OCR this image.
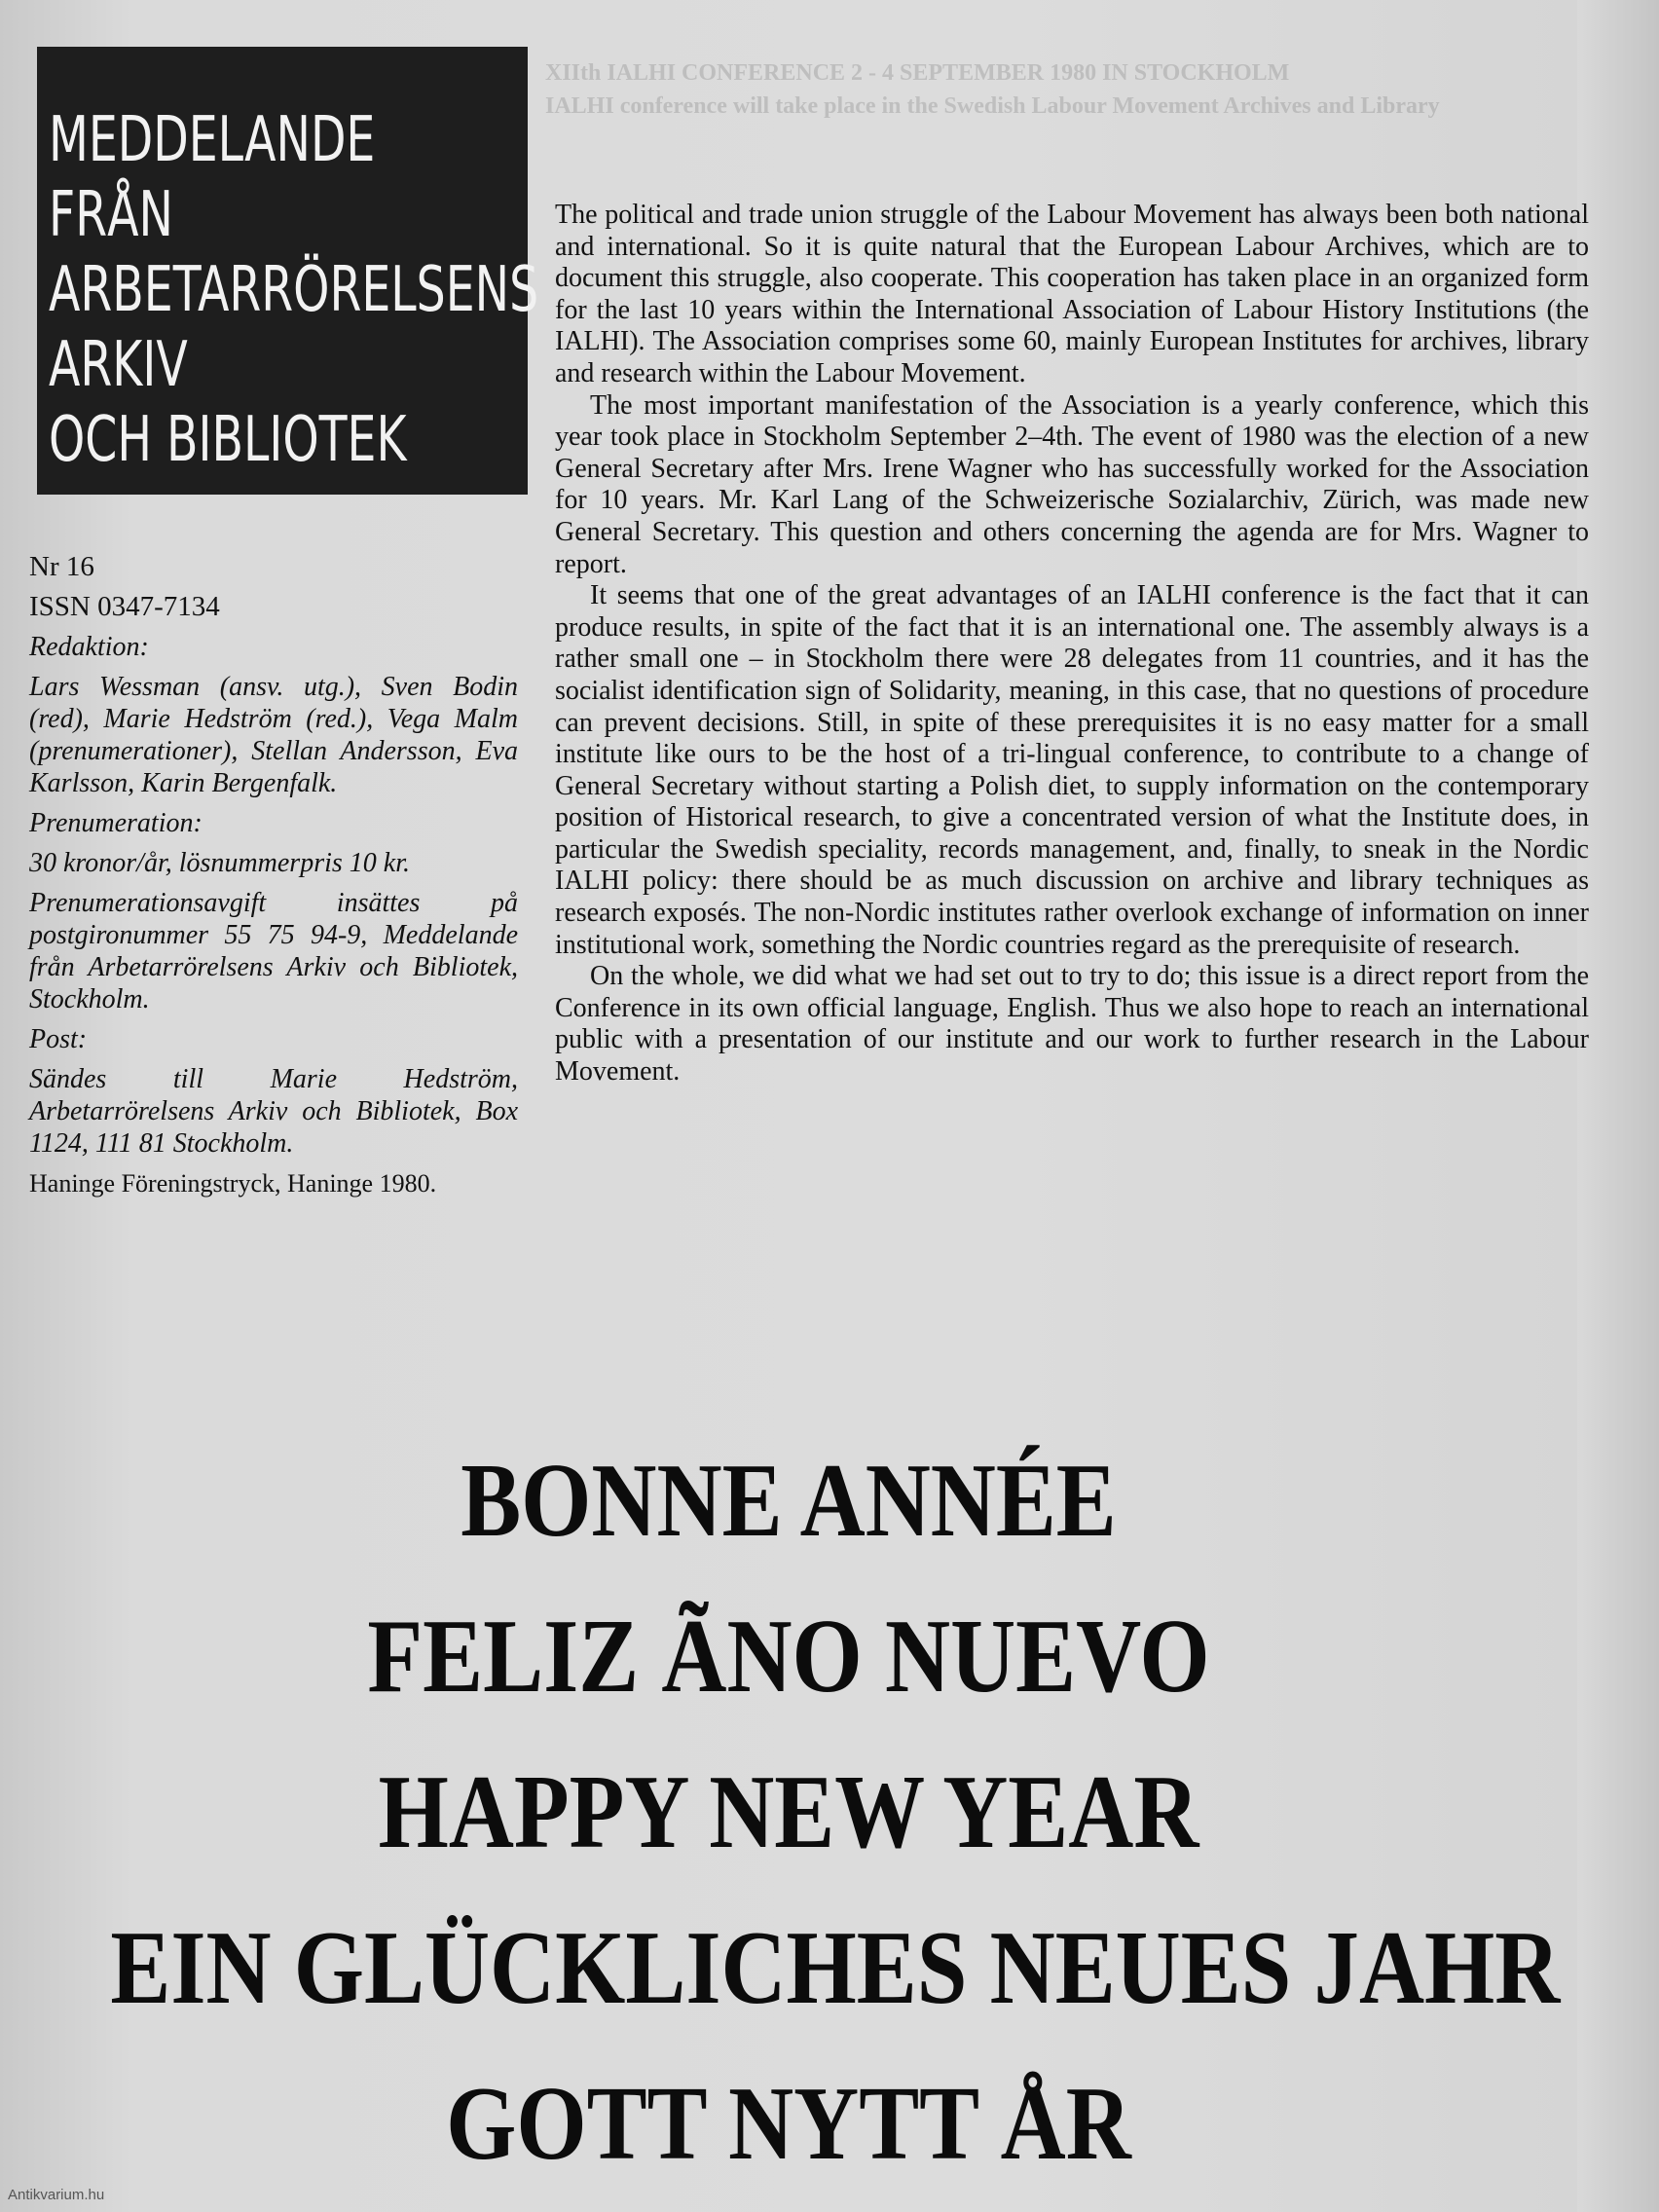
XIIth IALHI CONFERENCE 2 - 4 SEPTEMBER 1980 IN STOCKHOLM
IALHI conference will take place in the Swedish Labour Movement Archives and Library
MEDDELANDE
FRÅN
ARBETARRÖRELSENS
ARKIV
OCH BIBLIOTEK

Nr 16

ISSN 0347-7134

Redaktion:

Lars Wessman (ansv. utg.), Sven Bodin (red), Marie Hedström (red.), Vega Malm (prenumerationer), Stellan Andersson, Eva Karlsson, Karin Bergenfalk.

Prenumeration:

30 kronor/år, lösnummerpris 10 kr.

Prenumerationsavgift insättes på postgironummer 55 75 94-9, Meddelande från Arbetarrörelsens Arkiv och Bibliotek, Stockholm.

Post:

Sändes till Marie Hedström, Arbetarrörelsens Arkiv och Bibliotek, Box 1124, 111 81 Stockholm.

Haninge Föreningstryck, Haninge 1980.

The political and trade union struggle of the Labour Movement has always been both national and international. So it is quite natural that the European Labour Archives, which are to document this struggle, also cooperate. This cooperation has taken place in an organized form for the last 10 years within the International Association of Labour History Institutions (the IALHI). The Association comprises some 60, mainly European Institutes for archives, library and research within the Labour Movement.

The most important manifestation of the Association is a yearly conference, which this year took place in Stockholm September 2–4th. The event of 1980 was the election of a new General Secretary after Mrs. Irene Wagner who has successfully worked for the Association for 10 years. Mr. Karl Lang of the Schweizerische Sozialarchiv, Zürich, was made new General Secretary. This question and others concerning the agenda are for Mrs. Wagner to report.

It seems that one of the great advantages of an IALHI conference is the fact that it can produce results, in spite of the fact that it is an international one. The assembly always is a rather small one – in Stockholm there were 28 delegates from 11 countries, and it has the socialist identification sign of Solidarity, meaning, in this case, that no questions of procedure can prevent decisions. Still, in spite of these prerequisites it is no easy matter for a small institute like ours to be the host of a tri-lingual conference, to contribute to a change of General Secretary without starting a Polish diet, to supply information on the contemporary position of Historical research, to give a concentrated version of what the Institute does, in particular the Swedish speciality, records management, and, finally, to sneak in the Nordic IALHI policy: there should be as much discussion on archive and library techniques as research exposés. The non-Nordic institutes rather overlook exchange of information on inner institutional work, something the Nordic countries regard as the prerequisite of research.

On the whole, we did what we had set out to try to do; this issue is a direct report from the Conference in its own official language, English. Thus we also hope to reach an international public with a presentation of our institute and our work to further research in the Labour Movement.

BONNE ANNÉE
FELIZ ÃNO NUEVO
HAPPY NEW YEAR
EIN GLÜCKLICHES NEUES JAHR
GOTT NYTT ÅR
Antikvarium.hu
